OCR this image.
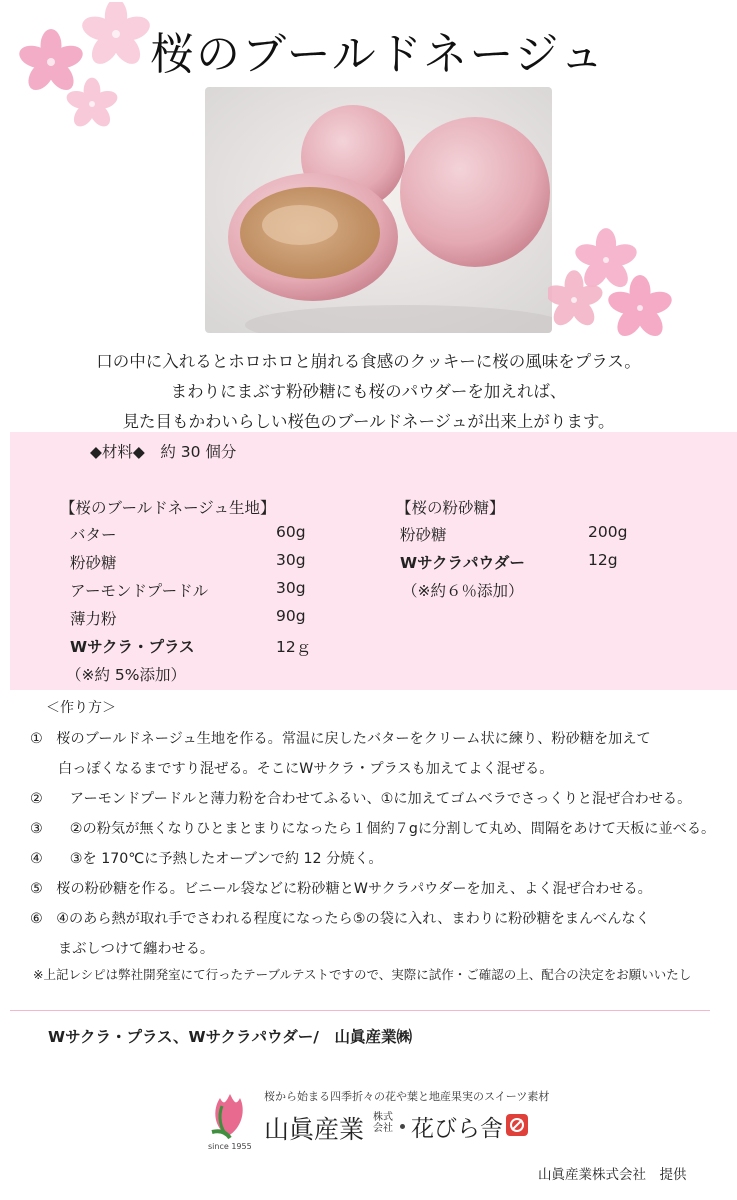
桜のブールドネージュ
口の中に入れるとホロホロと崩れる食感のクッキーに桜の風味をプラス。
まわりにまぶす粉砂糖にも桜のパウダーを加えれば、
見た目もかわいらしい桜色のブールドネージュが出来上がります。
◆材料◆　約 30 個分
【桜のブールドネージュ生地】
バター	60g
粉砂糖	30g
アーモンドプードル	30g
薄力粉	90g
Wサクラ・プラス	12ｇ
（※約 5%添加）
【桜の粉砂糖】
粉砂糖	200g
Wサクラパウダー	12g
（※約６％添加）
＜作り方＞
① 桜のブールドネージュ生地を作る。常温に戻したバターをクリーム状に練り、粉砂糖を加えて
白っぽくなるまですり混ぜる。そこにWサクラ・プラスも加えてよく混ぜる。
② アーモンドプードルと薄力粉を合わせてふるい、①に加えてゴムベラでさっくりと混ぜ合わせる。
③ ②の粉気が無くなりひとまとまりになったら１個約７gに分割して丸め、間隔をあけて天板に並べる。
④ ③を 170℃に予熱したオーブンで約 12 分焼く。
⑤ 桜の粉砂糖を作る。ビニール袋などに粉砂糖とWサクラパウダーを加え、よく混ぜ合わせる。
⑥ ④のあら熱が取れ手でさわれる程度になったら⑤の袋に入れ、まわりに粉砂糖をまんべんなく
まぶしつけて纏わせる。
※上記レシピは弊社開発室にて行ったテーブルテストですので、実際に試作・ご確認の上、配合の決定をお願いいたし
Wサクラ・プラス、Wサクラパウダー/　山眞産業㈱
since 1955
桜から始まる四季折々の花や葉と地産果実のスイーツ素材
山眞産業 株式
会社 花びら舎
山眞産業株式会社　提供
